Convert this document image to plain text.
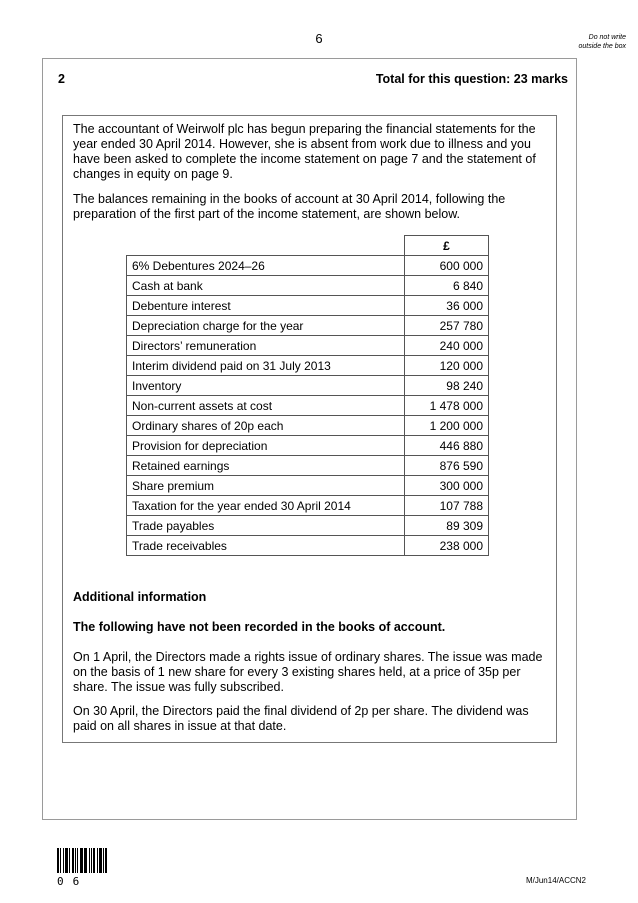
6	Do not write outside the box
2	Total for this question: 23 marks

The accountant of Weirwolf plc has begun preparing the financial statements for the year ended 30 April 2014. However, she is absent from work due to illness and you have been asked to complete the income statement on page 7 and the statement of changes in equity on page 9.

The balances remaining in the books of account at 30 April 2014, following the preparation of the first part of the income statement, are shown below.

	£
6% Debentures 2024–26	600 000
Cash at bank	6 840
Debenture interest	36 000
Depreciation charge for the year	257 780
Directors’ remuneration	240 000
Interim dividend paid on 31 July 2013	120 000
Inventory	98 240
Non-current assets at cost	1 478 000
Ordinary shares of 20p each	1 200 000
Provision for depreciation	446 880
Retained earnings	876 590
Share premium	300 000
Taxation for the year ended 30 April 2014	107 788
Trade payables	89 309
Trade receivables	238 000

Additional information

The following have not been recorded in the books of account.

On 1 April, the Directors made a rights issue of ordinary shares. The issue was made on the basis of 1 new share for every 3 existing shares held, at a price of 35p per share. The issue was fully subscribed.

On 30 April, the Directors paid the final dividend of 2p per share. The dividend was paid on all shares in issue at that date.

06	M/Jun14/ACCN2
